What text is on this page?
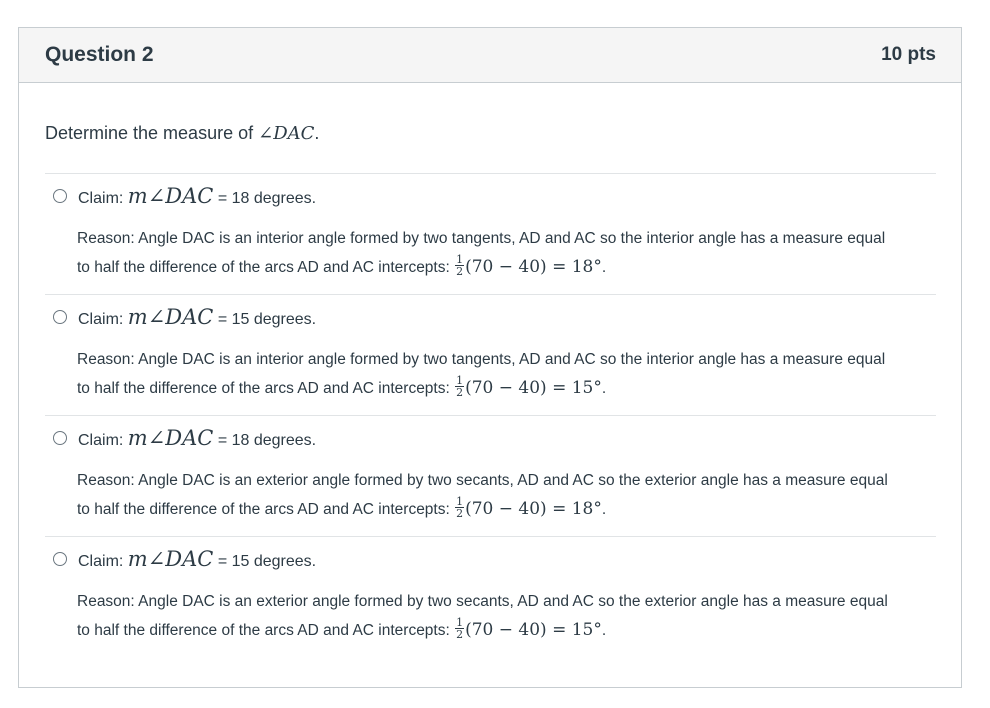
Question 2	10 pts
Determine the measure of ∠DAC.
Claim: m∠DAC = 18 degrees.
Reason: Angle DAC is an interior angle formed by two tangents, AD and AC so the interior angle has a measure equal to half the difference of the arcs AD and AC intercepts: $\frac{1}{2} (70 - 40) = 18^\circ$.
Claim: m∠DAC = 15 degrees.
Reason: Angle DAC is an interior angle formed by two tangents, AD and AC so the interior angle has a measure equal to half the difference of the arcs AD and AC intercepts: $\frac{1}{2} (70 - 40) = 15^\circ$.
Claim: m∠DAC = 18 degrees.
Reason: Angle DAC is an exterior angle formed by two secants, AD and AC so the exterior angle has a measure equal to half the difference of the arcs AD and AC intercepts: $\frac{1}{2} (70 - 40) = 18^\circ$.
Claim: m∠DAC = 15 degrees.
Reason: Angle DAC is an exterior angle formed by two secants, AD and AC so the exterior angle has a measure equal to half the difference of the arcs AD and AC intercepts: $\frac{1}{2} (70 - 40) = 15^\circ$.
